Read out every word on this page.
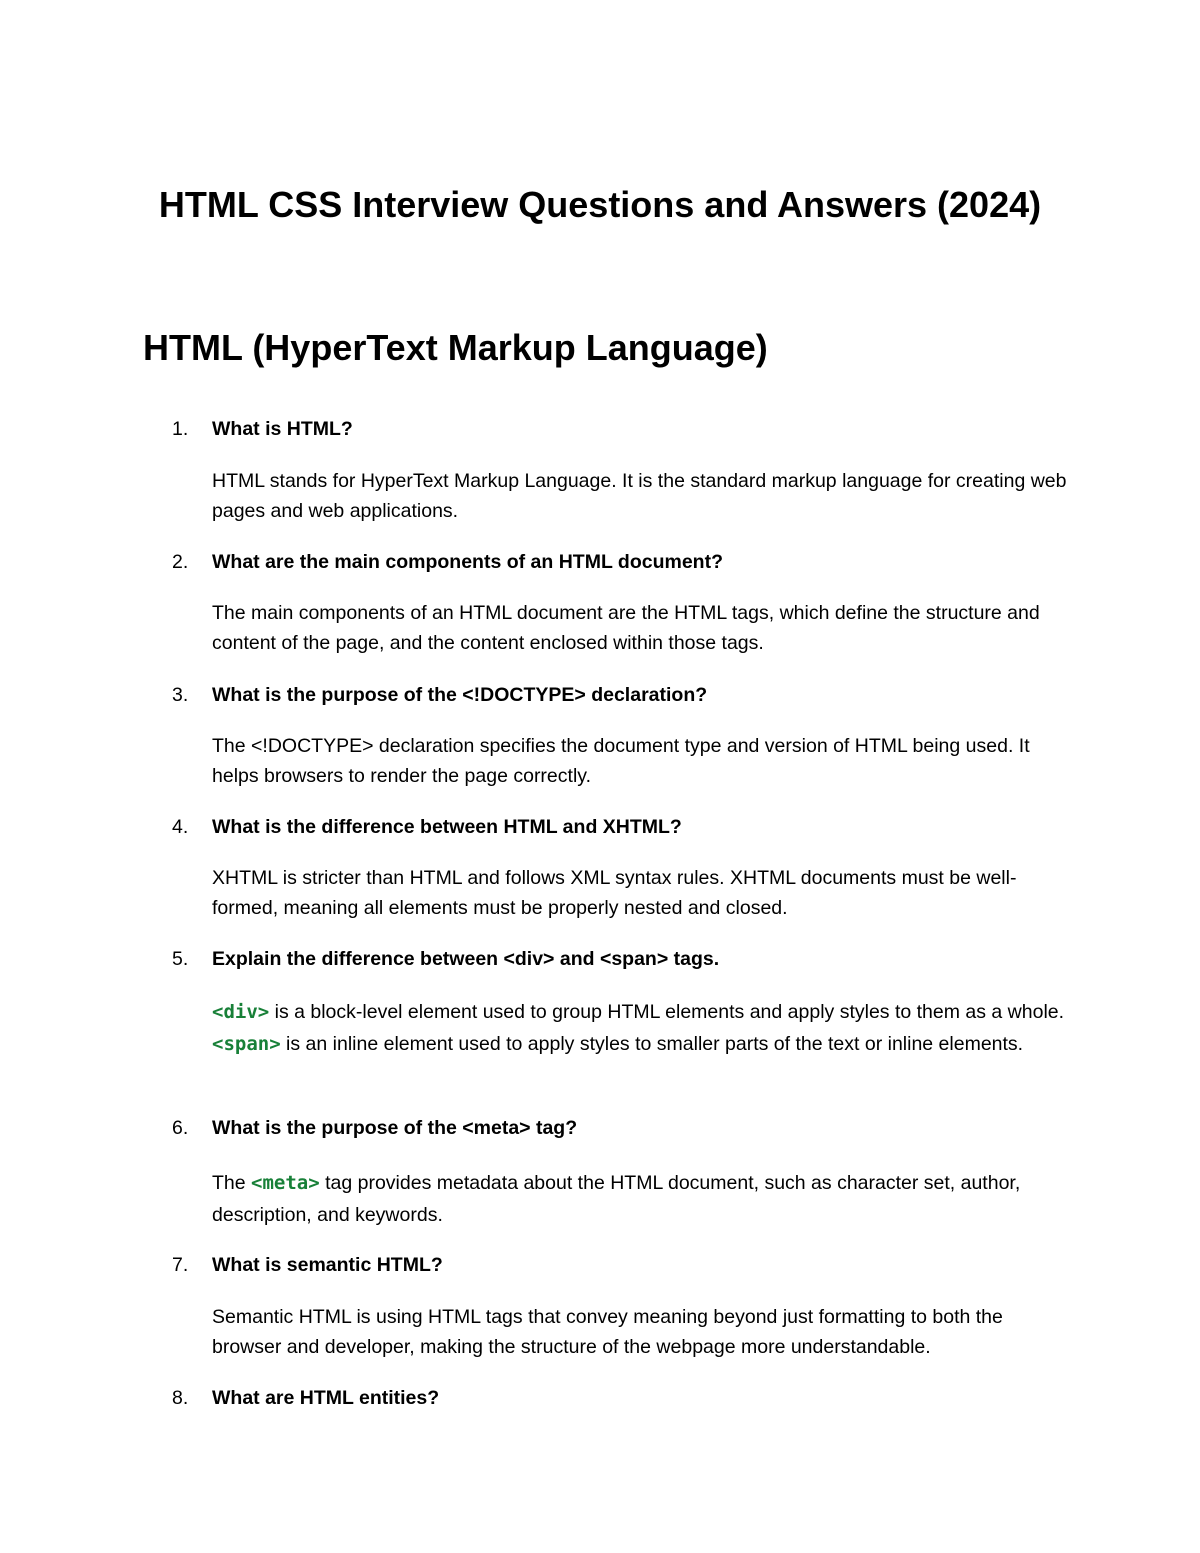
HTML CSS Interview Questions and Answers (2024)
HTML (HyperText Markup Language)
1.	What is HTML?

HTML stands for HyperText Markup Language. It is the standard markup language for creating web pages and web applications.

2.	What are the main components of an HTML document?

The main components of an HTML document are the HTML tags, which define the structure and content of the page, and the content enclosed within those tags.

3.	What is the purpose of the <!DOCTYPE> declaration?

The <!DOCTYPE> declaration specifies the document type and version of HTML being used. It helps browsers to render the page correctly.

4.	What is the difference between HTML and XHTML?

XHTML is stricter than HTML and follows XML syntax rules. XHTML documents must be well-formed, meaning all elements must be properly nested and closed.

5.	Explain the difference between <div> and <span> tags.

<div> is a block-level element used to group HTML elements and apply styles to them as a whole. <span> is an inline element used to apply styles to smaller parts of the text or inline elements.

6.	What is the purpose of the <meta> tag?

The <meta> tag provides metadata about the HTML document, such as character set, author, description, and keywords.

7.	What is semantic HTML?

Semantic HTML is using HTML tags that convey meaning beyond just formatting to both the browser and developer, making the structure of the webpage more understandable.

8.	What are HTML entities?
